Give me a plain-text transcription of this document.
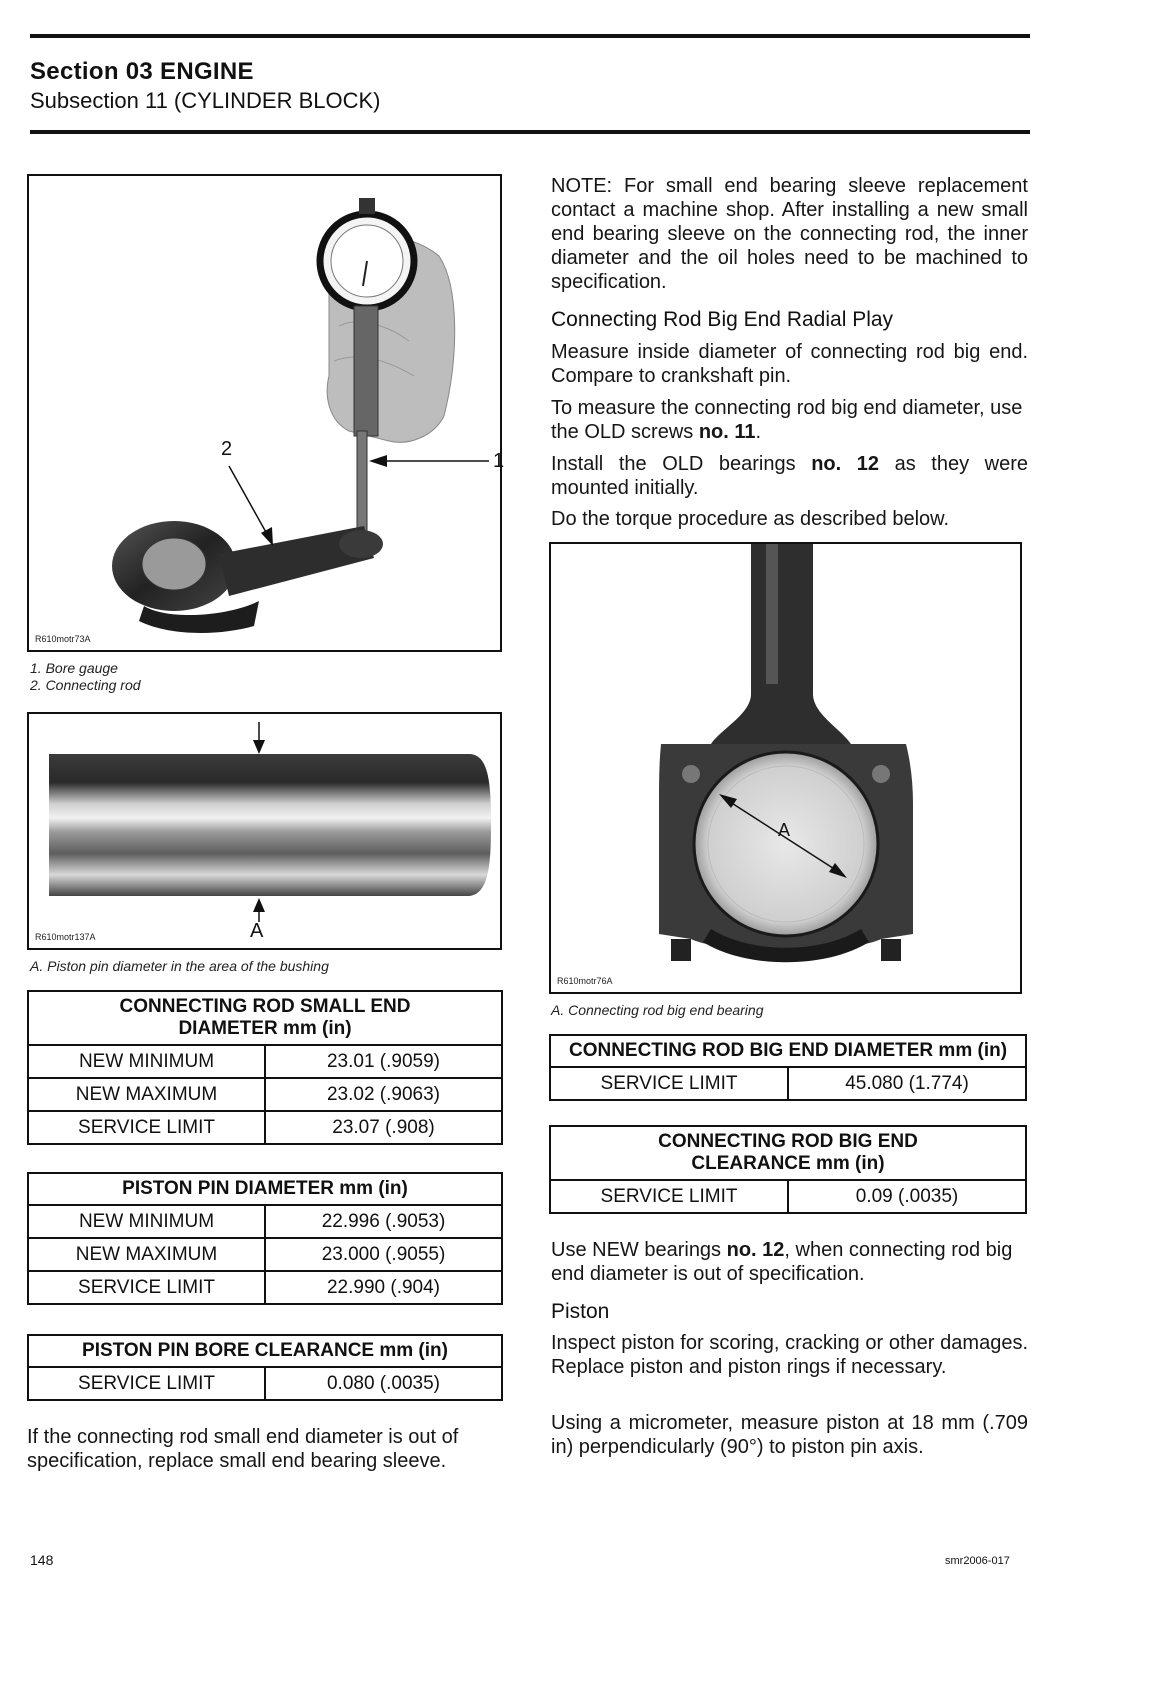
Section 03 ENGINE
Subsection 11 (CYLINDER BLOCK)
1
2
R610motr73A
1. Bore gauge
2. Connecting rod
A
R610motr137A
A. Piston pin diameter in the area of the bushing
CONNECTING ROD SMALL END
DIAMETER mm (in)	
NEW MINIMUM	23.01 (.9059)
NEW MAXIMUM	23.02 (.9063)
SERVICE LIMIT	23.07 (.908)
PISTON PIN DIAMETER mm (in)	
NEW MINIMUM	22.996 (.9053)
NEW MAXIMUM	23.000 (.9055)
SERVICE LIMIT	22.990 (.904)
PISTON PIN BORE CLEARANCE mm (in)
SERVICE LIMIT	0.080 (.0035)
If the connecting rod small end diameter is out of specification, replace small end bearing sleeve.
NOTE: For small end bearing sleeve replacement contact a machine shop. After installing a new small end bearing sleeve on the connecting rod, the inner diameter and the oil holes need to be machined to specification.
Connecting Rod Big End Radial Play
Measure inside diameter of connecting rod big end. Compare to crankshaft pin.
To measure the connecting rod big end diameter, use the OLD screws no. 11.
Install the OLD bearings no. 12 as they were mounted initially.
Do the torque procedure as described below.
A
R610motr76A
A. Connecting rod big end bearing
CONNECTING ROD BIG END DIAMETER mm (in)
SERVICE LIMIT	45.080 (1.774)
CONNECTING ROD BIG END
CLEARANCE mm (in)
SERVICE LIMIT	0.09 (.0035)
Use NEW bearings no. 12, when connecting rod big end diameter is out of specification.
Piston
Inspect piston for scoring, cracking or other damages. Replace piston and piston rings if necessary.
Using a micrometer, measure piston at 18 mm (.709 in) perpendicularly (90°) to piston pin axis.
148	smr2006-017
